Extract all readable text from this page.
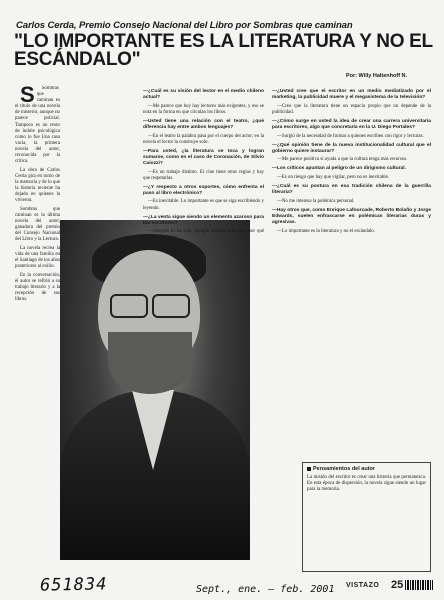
Carlos Cerda, Premio Consejo Nacional del Libro por Sombras que caminan
"LO IMPORTANTE ES LA LITERATURA Y NO EL ESCÁNDALO"
Por: Willy Haltenhoff N.

S Sombras que caminan es el título de una novela de misterio, aunque no parece policial. Tampoco es un texto de índole psicológica como lo fue Una casa vacía, la primera novela del autor, reconocida por la crítica.

La obra de Carlos Cerda gira en torno de la memoria y de lo que la historia reciente ha dejado en quienes la vivieron.

Sombras que caminan es la última novela del autor, ganadora del premio del Consejo Nacional del Libro y la Lectura.

La novela recrea la vida de una familia en el Santiago de los años posteriores al exilio.

En la conversación, el autor se refirió a su trabajo literario y a la recepción de sus libros.

—¿Cuál es su visión del lector en el medio chileno actual?

—Me parece que hoy hay lectores más exigentes, y eso se nota en la forma en que circulan los libros.

—Usted tiene una relación con el teatro, ¿qué diferencia hay entre ambos lenguajes?

—En el teatro la palabra pasa por el cuerpo del actor; en la novela el lector la construye solo.

—Para usted, ¿la literatura se toca y logran sumarse, como en el caso de Coronación, de Silvio Caiozzi?

—Es un trabajo distinto. El cine tiene otras reglas y hay que respetarlas.

—¿Y respecto a otros soportes, cómo enfrenta el paso al libro electrónico?

—Es inevitable. Lo importante es que se siga escribiendo y leyendo.

—¿La venta sigue siendo un elemento azaroso para los escritores?

—Siempre lo ha sido. Ningún escritor sabe bien por qué un libro funciona.

—¿Usted cree que el escritor en un medio mediatizado por el marketing, la publicidad muere y el megasistema de la televisión?

—Creo que la literatura tiene un espacio propio que no depende de la publicidad.

—¿Cómo surge en usted la idea de crear una carrera universitaria para escritores, algo que concretaría en la U. Diego Portales?

—Surgió de la necesidad de formar a quienes escriben con rigor y lecturas.

—¿Qué opinión tiene de la nueva institucionalidad cultural que el gobierno quiere instaurar?

—Me parece positiva si ayuda a que la cultura tenga más recursos.

—Los críticos apuntan al peligro de un dirigismo cultural.

—Es un riesgo que hay que vigilar, pero no es inevitable.

—¿Cuál es su postura en esa tradición chilena de la guerrilla literaria?

—No me interesa la polémica personal.

—Hay otros que, como Enrique Lafourcade, Roberto Bolaño y Jorge Edwards, suelen enfrascarse en polémicas literarias duras y agresivas.

—Lo importante es la literatura y no el escándalo.

Pensamientos del autor
La misión del escritor es crear una historia que permanezca. En esta época de dispersión, la novela sigue siendo un lugar para la memoria.
651834	Sept., ene. – feb. 2001 VISTAZO 25
